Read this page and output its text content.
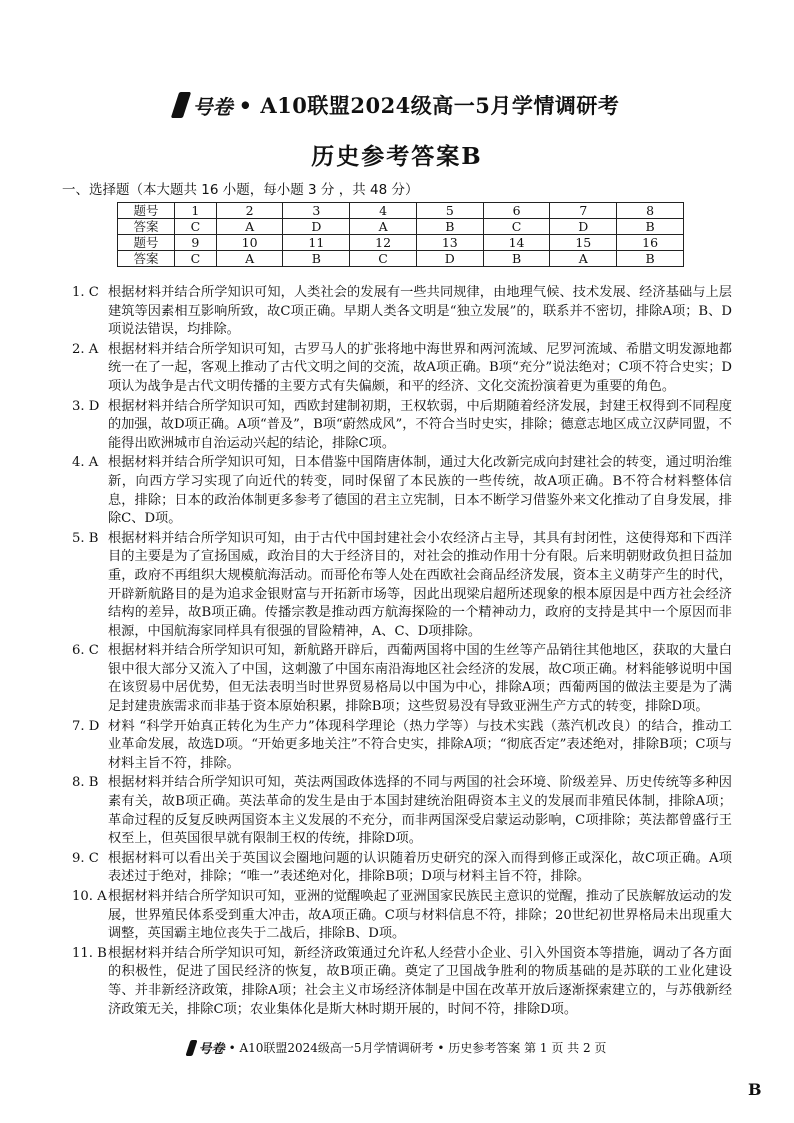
号卷 • A10联盟2024级高一5月学情调研考
历史参考答案B
一、选择题（本大题共 16 小题，每小题 3 分 ，共 48 分）
题号	1	2	3	4	5	6	7	8
答案	C	A	D	A	B	C	D	B
题号	9	10	11	12	13	14	15	16
答案	C	A	B	C	D	B	A	B
1. C 根据材料并结合所学知识可知，人类社会的发展有一些共同规律，由地理气候、技术发展、经济基础与上层建筑等因素相互影响所致，故C项正确。早期人类各文明是“独立发展”的，联系并不密切，排除A项；B、D项说法错误，均排除。
2. A 根据材料并结合所学知识可知，古罗马人的扩张将地中海世界和两河流域、尼罗河流域、希腊文明发源地都统一在了一起，客观上推动了古代文明之间的交流，故A项正确。B项“充分”说法绝对；C项不符合史实；D项认为战争是古代文明传播的主要方式有失偏颇，和平的经济、文化交流扮演着更为重要的角色。
3. D 根据材料并结合所学知识可知，西欧封建制初期，王权软弱，中后期随着经济发展，封建王权得到不同程度的加强，故D项正确。A项“普及”，B项“蔚然成风”，不符合当时史实，排除；德意志地区成立汉萨同盟，不能得出欧洲城市自治运动兴起的结论，排除C项。
4. A 根据材料并结合所学知识可知，日本借鉴中国隋唐体制，通过大化改新完成向封建社会的转变，通过明治维新，向西方学习实现了向近代的转变，同时保留了本民族的一些传统，故A项正确。B不符合材料整体信息，排除；日本的政治体制更多参考了德国的君主立宪制，日本不断学习借鉴外来文化推动了自身发展，排除C、D项。
5. B 根据材料并结合所学知识可知，由于古代中国封建社会小农经济占主导，其具有封闭性，这使得郑和下西洋目的主要是为了宣扬国威，政治目的大于经济目的，对社会的推动作用十分有限。后来明朝财政负担日益加重，政府不再组织大规模航海活动。而哥伦布等人处在西欧社会商品经济发展，资本主义萌芽产生的时代，开辟新航路目的是为追求金银财富与开拓新市场等，因此出现梁启超所述现象的根本原因是中西方社会经济结构的差异，故B项正确。传播宗教是推动西方航海探险的一个精神动力，政府的支持是其中一个原因而非根源，中国航海家同样具有很强的冒险精神，A、C、D项排除。
6. C 根据材料并结合所学知识可知，新航路开辟后，西葡两国将中国的生丝等产品销往其他地区，获取的大量白银中很大部分又流入了中国，这刺激了中国东南沿海地区社会经济的发展，故C项正确。材料能够说明中国在该贸易中居优势，但无法表明当时世界贸易格局以中国为中心，排除A项；西葡两国的做法主要是为了满足封建贵族需求而非基于资本原始积累，排除B项；这些贸易没有导致亚洲生产方式的转变，排除D项。
7. D 材料 “科学开始真正转化为生产力”体现科学理论（热力学等）与技术实践（蒸汽机改良）的结合，推动工业革命发展，故选D项。“开始更多地关注”不符合史实，排除A项；“彻底否定”表述绝对，排除B项；C项与材料主旨不符，排除。
8. B 根据材料并结合所学知识可知，英法两国政体选择的不同与两国的社会环境、阶级差异、历史传统等多种因素有关，故B项正确。英法革命的发生是由于本国封建统治阻碍资本主义的发展而非殖民体制，排除A项；革命过程的反复反映两国资本主义发展的不充分，而非两国深受启蒙运动影响，C项排除；英法都曾盛行王权至上，但英国很早就有限制王权的传统，排除D项。
9. C 根据材料可以看出关于英国议会圈地问题的认识随着历史研究的深入而得到修正或深化，故C项正确。A项表述过于绝对，排除；“唯一”表述绝对化，排除B项；D项与材料主旨不符，排除。
10. A 根据材料并结合所学知识可知，亚洲的觉醒唤起了亚洲国家民族民主意识的觉醒，推动了民族解放运动的发展，世界殖民体系受到重大冲击，故A项正确。C项与材料信息不符，排除；20世纪初世界格局未出现重大调整，英国霸主地位丧失于二战后，排除B、D项。
11. B 根据材料并结合所学知识可知，新经济政策通过允许私人经营小企业、引入外国资本等措施，调动了各方面的积极性，促进了国民经济的恢复，故B项正确。奠定了卫国战争胜利的物质基础的是苏联的工业化建设等、并非新经济政策，排除A项；社会主义市场经济体制是中国在改革开放后逐渐探索建立的，与苏俄新经济政策无关，排除C项；农业集体化是斯大林时期开展的，时间不符，排除D项。
号卷 • A10联盟2024级高一5月学情调研考 • 历史参考答案 第 1 页 共 2 页
B
